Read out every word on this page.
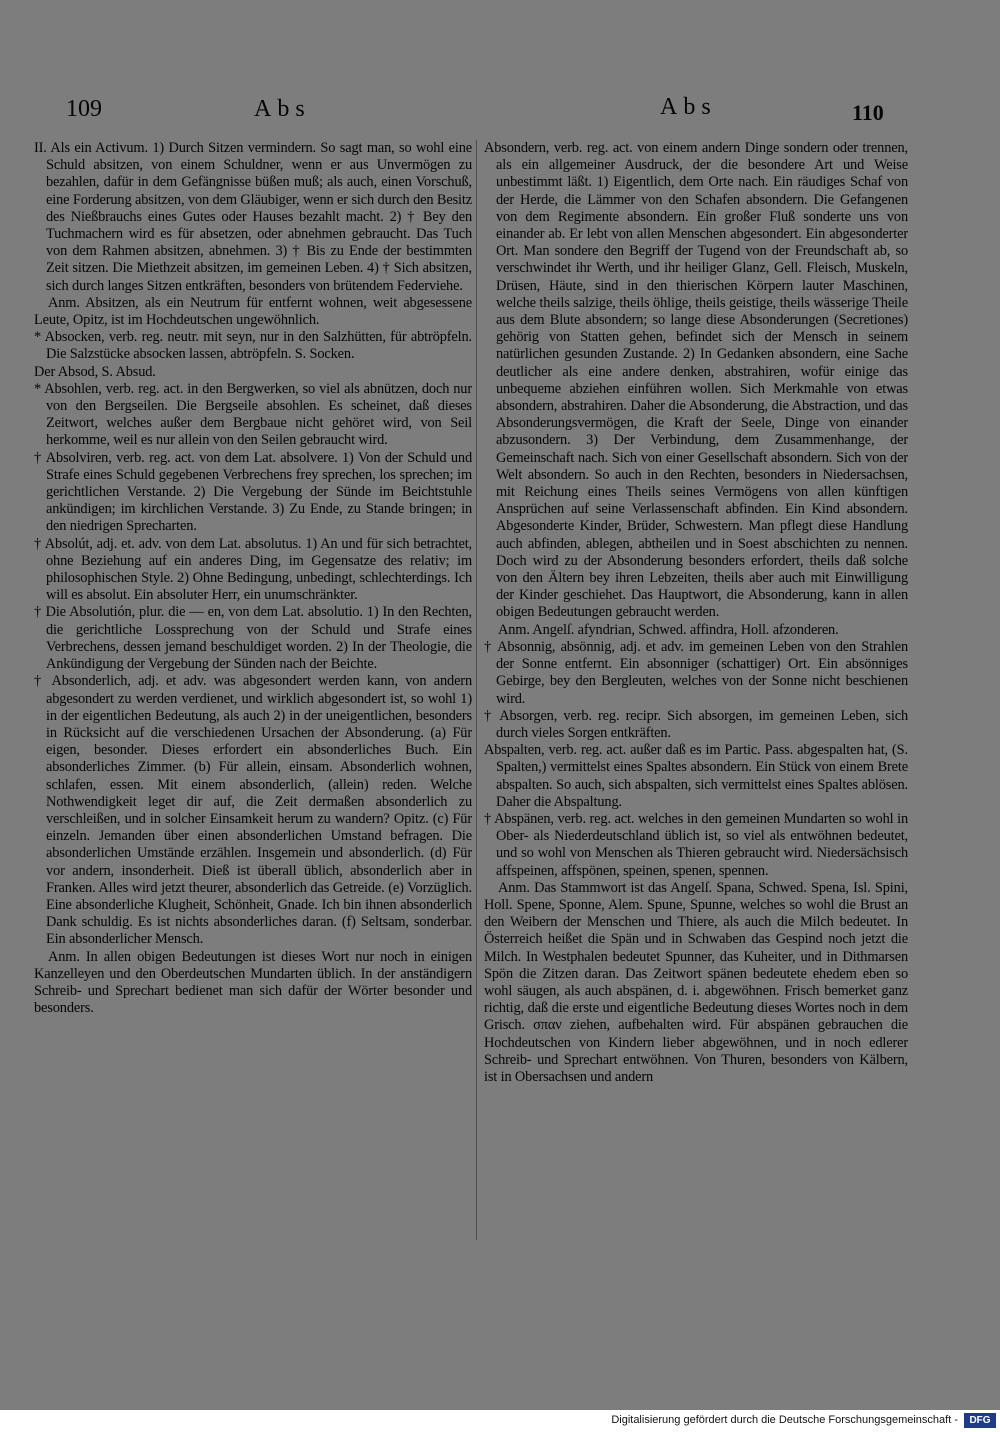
109	Abs	Abs	110

II. Als ein Activum. 1) Durch Sitzen vermindern. So sagt man, so wohl eine Schuld absitzen, von einem Schuldner, wenn er aus Unvermögen zu bezahlen, dafür in dem Gefängnisse büßen muß; als auch, einen Vorschuß, eine Forderung absitzen, von dem Gläubiger, wenn er sich durch den Besitz des Nießbrauchs eines Gutes oder Hauses bezahlt macht. 2) † Bey den Tuchmachern wird es für absetzen, oder abnehmen gebraucht. Das Tuch von dem Rahmen absitzen, abnehmen. 3) † Bis zu Ende der bestimmten Zeit sitzen. Die Miethzeit absitzen, im gemeinen Leben. 4) † Sich absitzen, sich durch langes Sitzen entkräften, besonders von brütendem Federviehe.

Anm. Absitzen, als ein Neutrum für entfernt wohnen, weit abgesessene Leute, Opitz, ist im Hochdeutschen ungewöhnlich.

* Absocken, verb. reg. neutr. mit seyn, nur in den Salzhütten, für abtröpfeln. Die Salzstücke absocken lassen, abtröpfeln. S. Socken.

Der Absod, S. Absud.

* Absohlen, verb. reg. act. in den Bergwerken, so viel als abnützen, doch nur von den Bergseilen. Die Bergseile absohlen. Es scheinet, daß dieses Zeitwort, welches außer dem Bergbaue nicht gehöret wird, von Seil herkomme, weil es nur allein von den Seilen gebraucht wird.

† Absolviren, verb. reg. act. von dem Lat. absolvere. 1) Von der Schuld und Strafe eines Schuld gegebenen Verbrechens frey sprechen, los sprechen; im gerichtlichen Verstande. 2) Die Vergebung der Sünde im Beichtstuhle ankündigen; im kirchlichen Verstande. 3) Zu Ende, zu Stande bringen; in den niedrigen Sprecharten.

† Absolút, adj. et. adv. von dem Lat. absolutus. 1) An und für sich betrachtet, ohne Beziehung auf ein anderes Ding, im Gegensatze des relativ; im philosophischen Style. 2) Ohne Bedingung, unbedingt, schlechterdings. Ich will es absolut. Ein absoluter Herr, ein unumschränkter.

† Die Absolutión, plur. die — en, von dem Lat. absolutio. 1) In den Rechten, die gerichtliche Lossprechung von der Schuld und Strafe eines Verbrechens, dessen jemand beschuldiget worden. 2) In der Theologie, die Ankündigung der Vergebung der Sünden nach der Beichte.

† Absonderlich, adj. et adv. was abgesondert werden kann, von andern abgesondert zu werden verdienet, und wirklich abgesondert ist, so wohl 1) in der eigentlichen Bedeutung, als auch 2) in der uneigentlichen, besonders in Rücksicht auf die verschiedenen Ursachen der Absonderung. (a) Für eigen, besonder. Dieses erfordert ein absonderliches Buch. Ein absonderliches Zimmer. (b) Für allein, einsam. Absonderlich wohnen, schlafen, essen. Mit einem absonderlich, (allein) reden. Welche Nothwendigkeit leget dir auf, die Zeit dermaßen absonderlich zu verschleißen, und in solcher Einsamkeit herum zu wandern? Opitz. (c) Für einzeln. Jemanden über einen absonderlichen Umstand befragen. Die absonderlichen Umstände erzählen. Insgemein und absonderlich. (d) Für vor andern, insonderheit. Dieß ist überall üblich, absonderlich aber in Franken. Alles wird jetzt theurer, absonderlich das Getreide. (e) Vorzüglich. Eine absonderliche Klugheit, Schönheit, Gnade. Ich bin ihnen absonderlich Dank schuldig. Es ist nichts absonderliches daran. (f) Seltsam, sonderbar. Ein absonderlicher Mensch.

Anm. In allen obigen Bedeutungen ist dieses Wort nur noch in einigen Kanzelleyen und den Oberdeutschen Mundarten üblich. In der anständigern Schreib- und Sprechart bedienet man sich dafür der Wörter besonder und besonders.

Absondern, verb. reg. act. von einem andern Dinge sondern oder trennen, als ein allgemeiner Ausdruck, der die besondere Art und Weise unbestimmt läßt. 1) Eigentlich, dem Orte nach. Ein räudiges Schaf von der Herde, die Lämmer von den Schafen absondern. Die Gefangenen von dem Regimente absondern. Ein großer Fluß sonderte uns von einander ab. Er lebt von allen Menschen abgesondert. Ein abgesonderter Ort. Man sondere den Begriff der Tugend von der Freundschaft ab, so verschwindet ihr Werth, und ihr heiliger Glanz, Gell. Fleisch, Muskeln, Drüsen, Häute, sind in den thierischen Körpern lauter Maschinen, welche theils salzige, theils öhlige, theils geistige, theils wässerige Theile aus dem Blute absondern; so lange diese Absonderungen (Secretiones) gehörig von Statten gehen, befindet sich der Mensch in seinem natürlichen gesunden Zustande. 2) In Gedanken absondern, eine Sache deutlicher als eine andere denken, abstrahiren, wofür einige das unbequeme abziehen einführen wollen. Sich Merkmahle von etwas absondern, abstrahiren. Daher die Absonderung, die Abstraction, und das Absonderungsvermögen, die Kraft der Seele, Dinge von einander abzusondern. 3) Der Verbindung, dem Zusammenhange, der Gemeinschaft nach. Sich von einer Gesellschaft absondern. Sich von der Welt absondern. So auch in den Rechten, besonders in Niedersachsen, mit Reichung eines Theils seines Vermögens von allen künftigen Ansprüchen auf seine Verlassenschaft abfinden. Ein Kind absondern. Abgesonderte Kinder, Brüder, Schwestern. Man pflegt diese Handlung auch abfinden, ablegen, abtheilen und in Soest abschichten zu nennen. Doch wird zu der Absonderung besonders erfordert, theils daß solche von den Ältern bey ihren Lebzeiten, theils aber auch mit Einwilligung der Kinder geschiehet. Das Hauptwort, die Absonderung, kann in allen obigen Bedeutungen gebraucht werden.

Anm. Angelſ. afyndrian, Schwed. affindra, Holl. afzonderen.

† Absonnig, absönnig, adj. et adv. im gemeinen Leben von den Strahlen der Sonne entfernt. Ein absonniger (schattiger) Ort. Ein absönniges Gebirge, bey den Bergleuten, welches von der Sonne nicht beschienen wird.

† Absorgen, verb. reg. recipr. Sich absorgen, im gemeinen Leben, sich durch vieles Sorgen entkräften.

Abspalten, verb. reg. act. außer daß es im Partic. Pass. abgespalten hat, (S. Spalten,) vermittelst eines Spaltes absondern. Ein Stück von einem Brete abspalten. So auch, sich abspalten, sich vermittelst eines Spaltes ablösen. Daher die Abspaltung.

† Abspänen, verb. reg. act. welches in den gemeinen Mundarten so wohl in Ober- als Niederdeutschland üblich ist, so viel als entwöhnen bedeutet, und so wohl von Menschen als Thieren gebraucht wird. Niedersächsisch affspeinen, affspönen, speinen, spenen, spennen.

Anm. Das Stammwort ist das Angelſ. Spana, Schwed. Spena, Isl. Spini, Holl. Spene, Sponne, Alem. Spune, Spunne, welches so wohl die Brust an den Weibern der Menschen und Thiere, als auch die Milch bedeutet. In Österreich heißet die Spän und in Schwaben das Gespind noch jetzt die Milch. In Westphalen bedeutet Spunner, das Kuheiter, und in Dithmarsen Spön die Zitzen daran. Das Zeitwort spänen bedeutete ehedem eben so wohl säugen, als auch abspänen, d. i. abgewöhnen. Frisch bemerket ganz richtig, daß die erste und eigentliche Bedeutung dieses Wortes noch in dem Grisch. σπαν ziehen, aufbehalten wird. Für abspänen gebrauchen die Hochdeutschen von Kindern lieber abgewöhnen, und in noch edlerer Schreib- und Sprechart entwöhnen. Von Thuren, besonders von Kälbern, ist in Obersachsen und andern

Digitalisierung gefördert durch die Deutsche Forschungsgemeinschaft -	DFG
